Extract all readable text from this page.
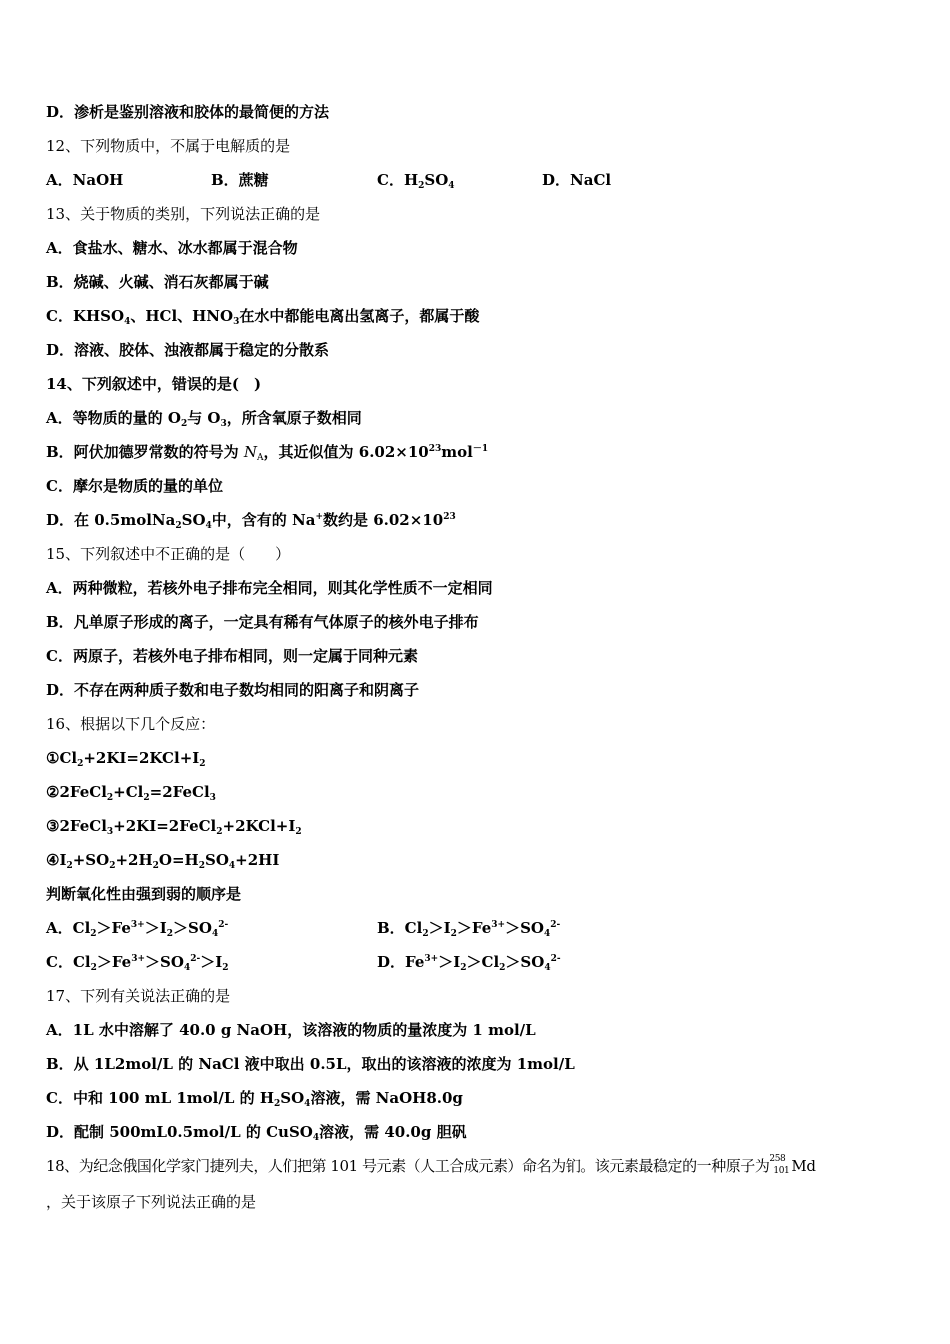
D．渗析是鉴别溶液和胶体的最简便的方法
12、下列物质中，不属于电解质的是
A．NaOH	B．蔗糖	C．$H_2SO_4$	D．NaCl
13、关于物质的类别，下列说法正确的是
A．食盐水、糖水、冰水都属于混合物
B．烧碱、火碱、消石灰都属于碱
C．$KHSO_4$、HCl、$HNO_3$在水中都能电离出氢离子，都属于酸
D．溶液、胶体、浊液都属于稳定的分散系
14、下列叙述中，错误的是(　)
A．等物质的量的 $O_2$与 $O_3$，所含氧原子数相同
B．阿伏加德罗常数的符号为 $N_A$，其近似值为 $6.02\times 10^{23}mol^{-1}$
C．摩尔是物质的量的单位
D．在 $0.5molNa_2SO_4$中，含有的 Na+数约是 $6.02\times 10^{23}$
15、下列叙述中不正确的是（　　）
A．两种微粒，若核外电子排布完全相同，则其化学性质不一定相同
B．凡单原子形成的离子，一定具有稀有气体原子的核外电子排布
C．两原子，若核外电子排布相同，则一定属于同种元素
D．不存在两种质子数和电子数均相同的阳离子和阴离子
16、根据以下几个反应：
$①Cl_2+2KI=2KCl+I_2$
$②2FeCl_2+Cl_2=2FeCl_3$
$③2FeCl_3+2KI=2FeCl_2+2KCl+I_2$
$④I_2+SO_2+2H_2O=H_2SO_4+2HI$
判断氧化性由强到弱的顺序是
A．$Cl_2>Fe^{3+}>I_2>SO_4^{2-}$	B．$Cl_2>I_2>Fe^{3+}>SO_4^{2-}$
C．$Cl_2>Fe^{3+}>SO_4^{2-}>I_2$	D．$Fe^{3+}>I_2>Cl_2>SO_4^{2-}$
17、下列有关说法正确的是
A．1L 水中溶解了 40.0 g NaOH，该溶液的物质的量浓度为 1 mol/L
B．从 1L2mol/L 的 NaCl 液中取出 0.5L，取出的该溶液的浓度为 1mol/L
C．中和 100 mL 1mol/L 的 $H_2SO_4$溶液，需 NaOH8.0g
D．配制 500mL0.5mol/L 的 CuSO$_4$溶液，需 40.0g 胆矾
18、为纪念俄国化学家门捷列夫，人们把第 101 号元素（人工合成元素）命名为钔。该元素最稳定的一种原子为 258
101 Md
，关于该原子下列说法正确的是
